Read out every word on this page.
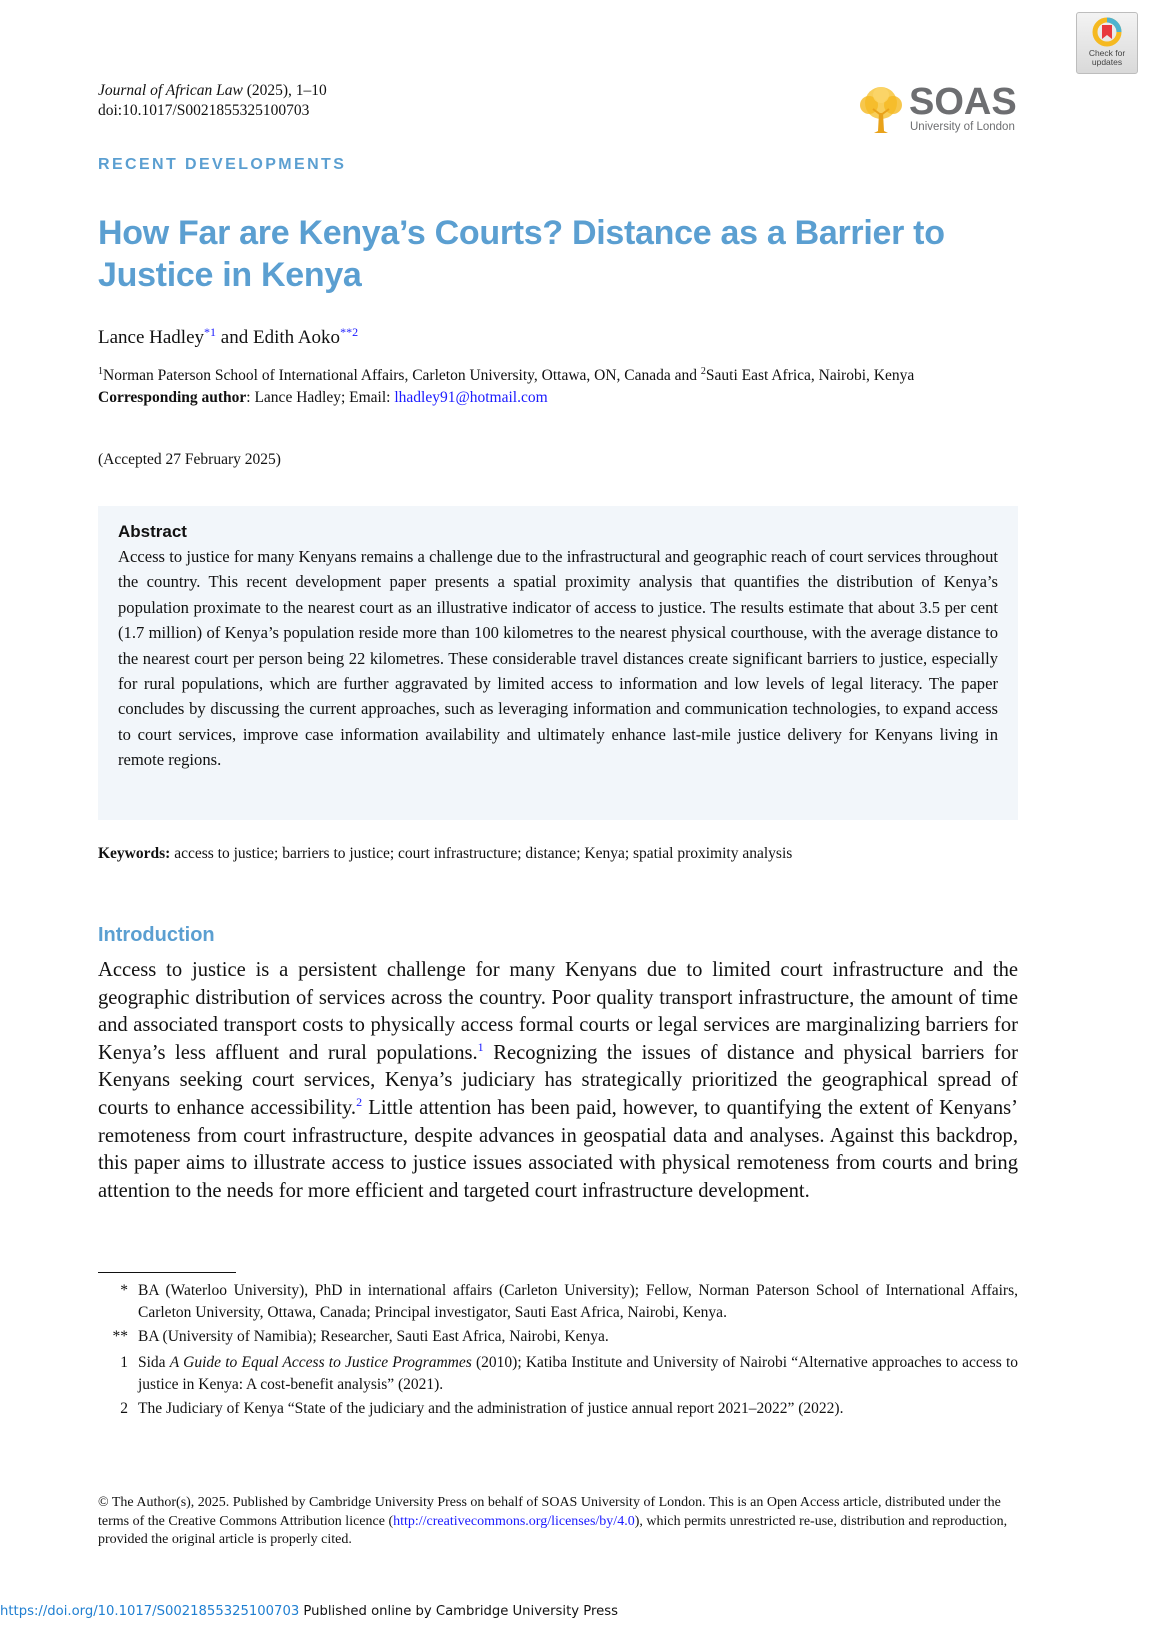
Journal of African Law (2025), 1–10
doi:10.1017/S0021855325100703
Check for
updates
SOAS
University of London
RECENT DEVELOPMENTS
How Far are Kenya’s Courts? Distance as a Barrier to Justice in Kenya
Lance Hadley$^{*1}$ and Edith Aoko$^{**2}$
$^1$Norman Paterson School of International Affairs, Carleton University, Ottawa, ON, Canada and $^2$Sauti East Africa, Nairobi, Kenya
Corresponding author: Lance Hadley; Email: lhadley91@hotmail.com
(Accepted 27 February 2025)
Abstract
Access to justice for many Kenyans remains a challenge due to the infrastructural and geographic reach of court services throughout the country. This recent development paper presents a spatial proximity analysis that quantifies the distribution of Kenya’s population proximate to the nearest court as an illustrative indicator of access to justice. The results estimate that about 3.5 per cent (1.7 million) of Kenya’s population reside more than 100 kilometres to the nearest physical courthouse, with the average distance to the nearest court per person being 22 kilometres. These considerable travel distances create significant barriers to justice, especially for rural populations, which are further aggravated by limited access to information and low levels of legal literacy. The paper concludes by discussing the current approaches, such as leveraging information and communication technologies, to expand access to court services, improve case information availability and ultimately enhance last-mile justice delivery for Kenyans living in remote regions.
Keywords: access to justice; barriers to justice; court infrastructure; distance; Kenya; spatial proximity analysis
Introduction
Access to justice is a persistent challenge for many Kenyans due to limited court infrastructure and the geographic distribution of services across the country. Poor quality transport infrastructure, the amount of time and associated transport costs to physically access formal courts or legal services are marginalizing barriers for Kenya’s less affluent and rural populations.$^1$ Recognizing the issues of distance and physical barriers for Kenyans seeking court services, Kenya’s judiciary has strategically prioritized the geographical spread of courts to enhance accessibility.$^2$ Little attention has been paid, however, to quantifying the extent of Kenyans’ remoteness from court infrastructure, despite advances in geospatial data and analyses. Against this backdrop, this paper aims to illustrate access to justice issues associated with physical remoteness from courts and bring attention to the needs for more efficient and targeted court infrastructure development.
* BA (Waterloo University), PhD in international affairs (Carleton University); Fellow, Norman Paterson School of International Affairs, Carleton University, Ottawa, Canada; Principal investigator, Sauti East Africa, Nairobi, Kenya.
** BA (University of Namibia); Researcher, Sauti East Africa, Nairobi, Kenya.
1 Sida A Guide to Equal Access to Justice Programmes (2010); Katiba Institute and University of Nairobi “Alternative approaches to access to justice in Kenya: A cost-benefit analysis” (2021).
2 The Judiciary of Kenya “State of the judiciary and the administration of justice annual report 2021–2022” (2022).
© The Author(s), 2025. Published by Cambridge University Press on behalf of SOAS University of London. This is an Open Access article, distributed under the terms of the Creative Commons Attribution licence (http://creativecommons.org/licenses/by/4.0), which permits unrestricted re-use, distribution and reproduction, provided the original article is properly cited.
https://doi.org/10.1017/S0021855325100703 Published online by Cambridge University Press
